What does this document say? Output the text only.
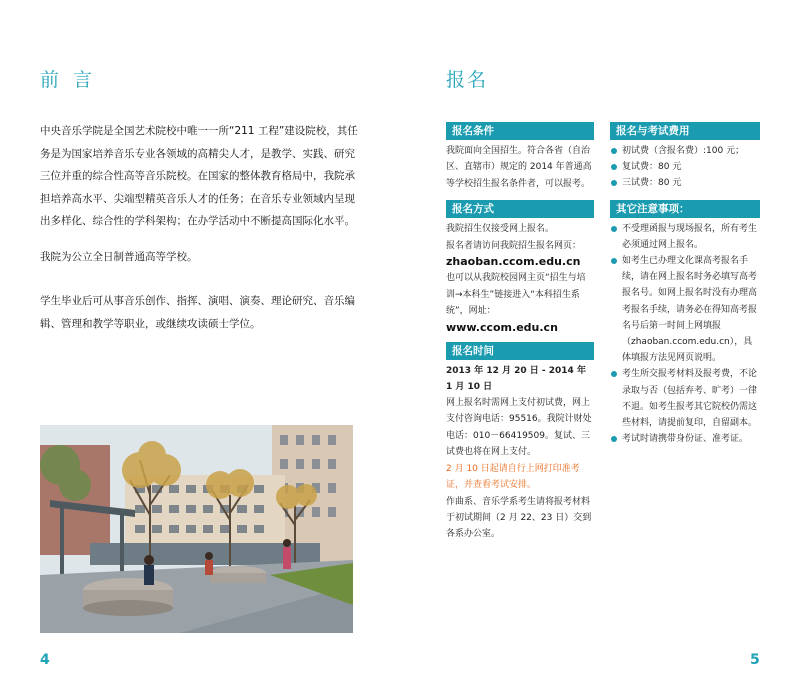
前 言

中央音乐学院是全国艺术院校中唯一一所“211 工程”建设院校，其任务是为国家培养音乐专业各领域的高精尖人才，是教学、实践、研究三位并重的综合性高等音乐院校。在国家的整体教育格局中，我院承担培养高水平、尖端型精英音乐人才的任务；在音乐专业领域内呈现出多样化、综合性的学科架构；在办学活动中不断提高国际化水平。

我院为公立全日制普通高等学校。

学生毕业后可从事音乐创作、指挥、演唱、演奏、理论研究、音乐编辑、管理和教学等职业，或继续攻读硕士学位。

4
报名
报名条件
我院面向全国招生。符合各省（自治区、直辖市）规定的 2014 年普通高等学校招生报名条件者，可以报考。
报名方式

我院招生仅接受网上报名。

报名者请访问我院招生报名网页：

zhaoban.ccom.edu.cn

也可以从我院校园网主页“招生与培训→本科生”链接进入“本科招生系统”，网址：

www.ccom.edu.cn

报名时间

2013 年 12 月 20 日 - 2014 年 1 月 10 日

网上报名时需网上支付初试费，网上支付咨询电话：95516。我院计财处电话：010－66419509。复试、三试费也将在网上支付。

2 月 10 日起请自行上网打印准考证，并查看考试安排。

作曲系、音乐学系考生请将报考材料于初试期间（2 月 22、23 日）交到各系办公室。

报名与考试费用
初试费（含报名费）:100 元；
复试费：80 元
三试费：80 元
其它注意事项：
不受理函报与现场报名，所有考生必须通过网上报名。
如考生已办理文化课高考报名手续，请在网上报名时务必填写高考报名号。如网上报名时没有办理高考报名手续，请务必在得知高考报名号后第一时间上网填报（zhaoban.ccom.edu.cn），具体填报方法见网页说明。
考生所交报考材料及报考费，不论录取与否（包括弃考、旷考）一律不退。如考生报考其它院校仍需这些材料，请提前复印，自留副本。
考试时请携带身份证、准考证。
5
